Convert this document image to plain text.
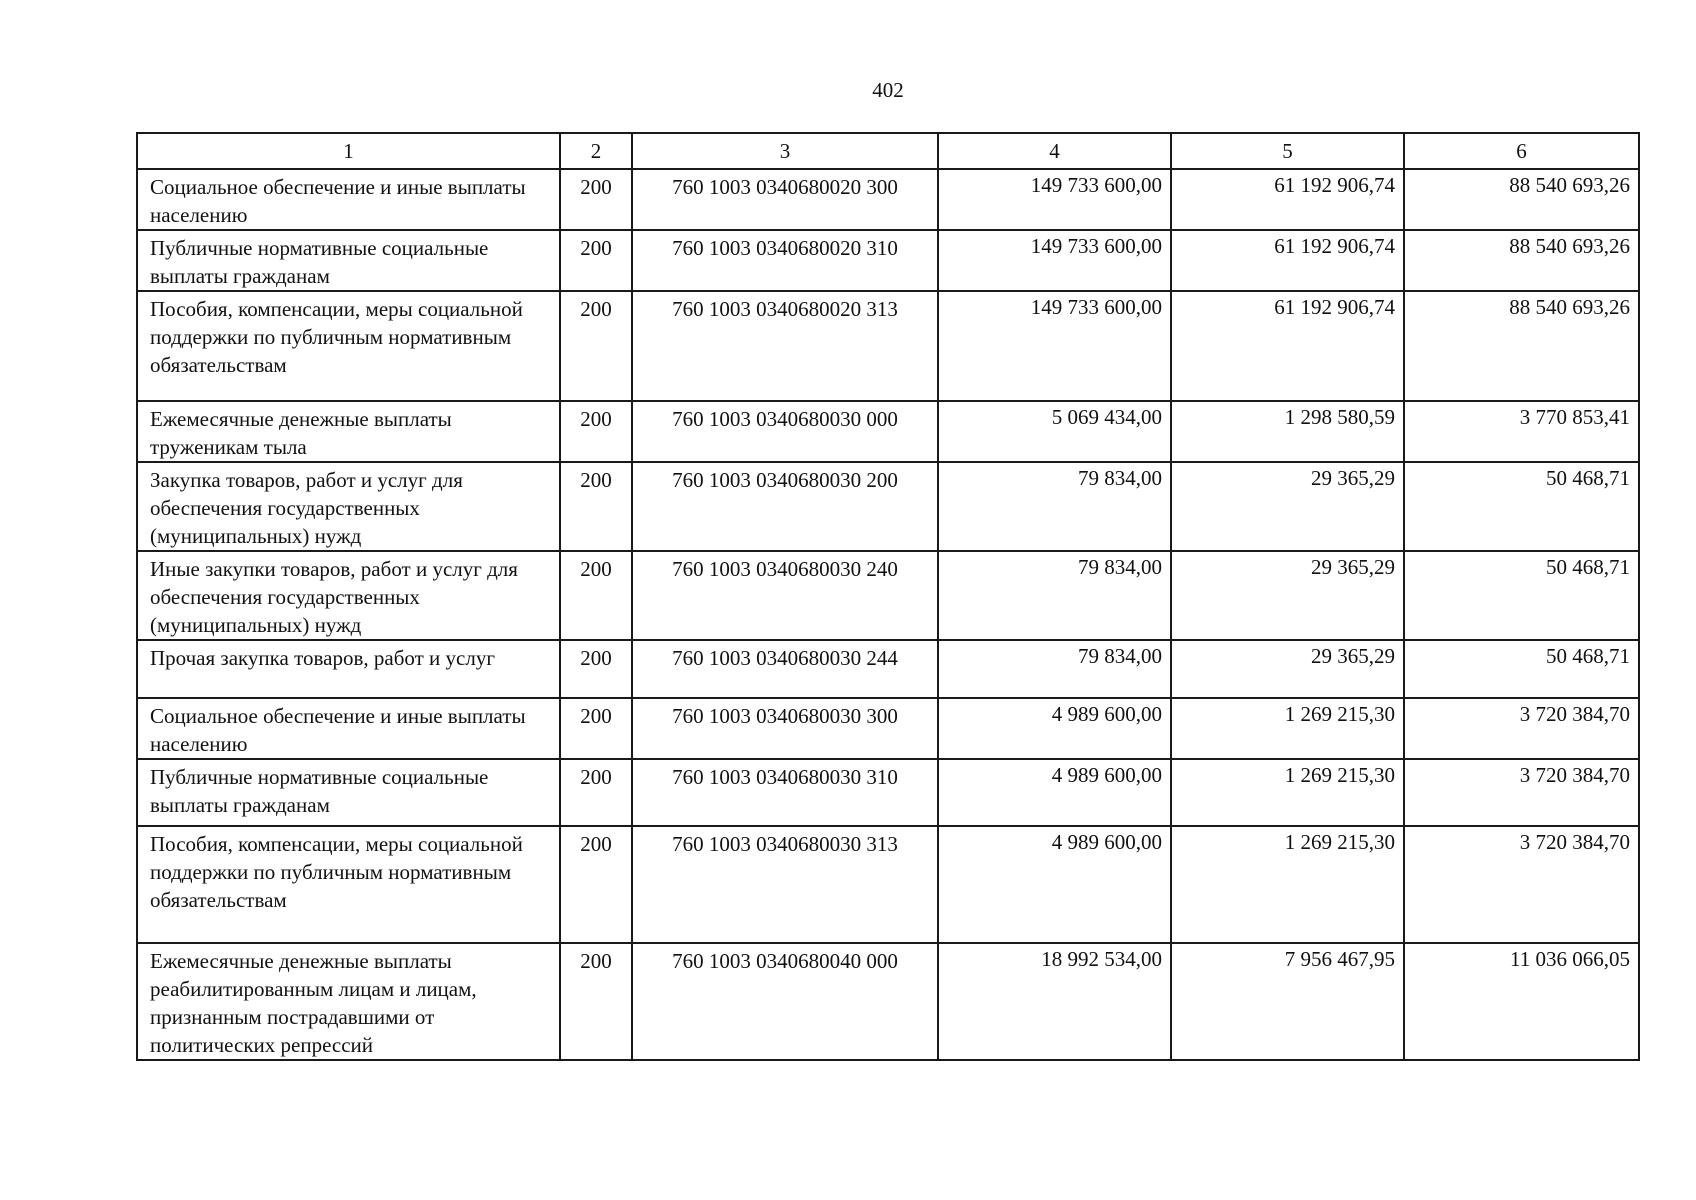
402
1	2	3	4	5	6
Социальное обеспечение и иные выплаты населению	200	760 1003 0340680020 300	149 733 600,00	61 192 906,74	88 540 693,26
Публичные нормативные социальные выплаты гражданам	200	760 1003 0340680020 310	149 733 600,00	61 192 906,74	88 540 693,26
Пособия, компенсации, меры социальной поддержки по публичным нормативным обязательствам	200	760 1003 0340680020 313	149 733 600,00	61 192 906,74	88 540 693,26
Ежемесячные денежные выплаты труженикам тыла	200	760 1003 0340680030 000	5 069 434,00	1 298 580,59	3 770 853,41
Закупка товаров, работ и услуг для обеспечения государственных (муниципальных) нужд	200	760 1003 0340680030 200	79 834,00	29 365,29	50 468,71
Иные закупки товаров, работ и услуг для обеспечения государственных (муниципальных) нужд	200	760 1003 0340680030 240	79 834,00	29 365,29	50 468,71
Прочая закупка товаров, работ и услуг	200	760 1003 0340680030 244	79 834,00	29 365,29	50 468,71
Социальное обеспечение и иные выплаты населению	200	760 1003 0340680030 300	4 989 600,00	1 269 215,30	3 720 384,70
Публичные нормативные социальные выплаты гражданам	200	760 1003 0340680030 310	4 989 600,00	1 269 215,30	3 720 384,70
Пособия, компенсации, меры социальной поддержки по публичным нормативным обязательствам	200	760 1003 0340680030 313	4 989 600,00	1 269 215,30	3 720 384,70
Ежемесячные денежные выплаты реабилитированным лицам и лицам, признанным пострадавшими от политических репрессий	200	760 1003 0340680040 000	18 992 534,00	7 956 467,95	11 036 066,05
